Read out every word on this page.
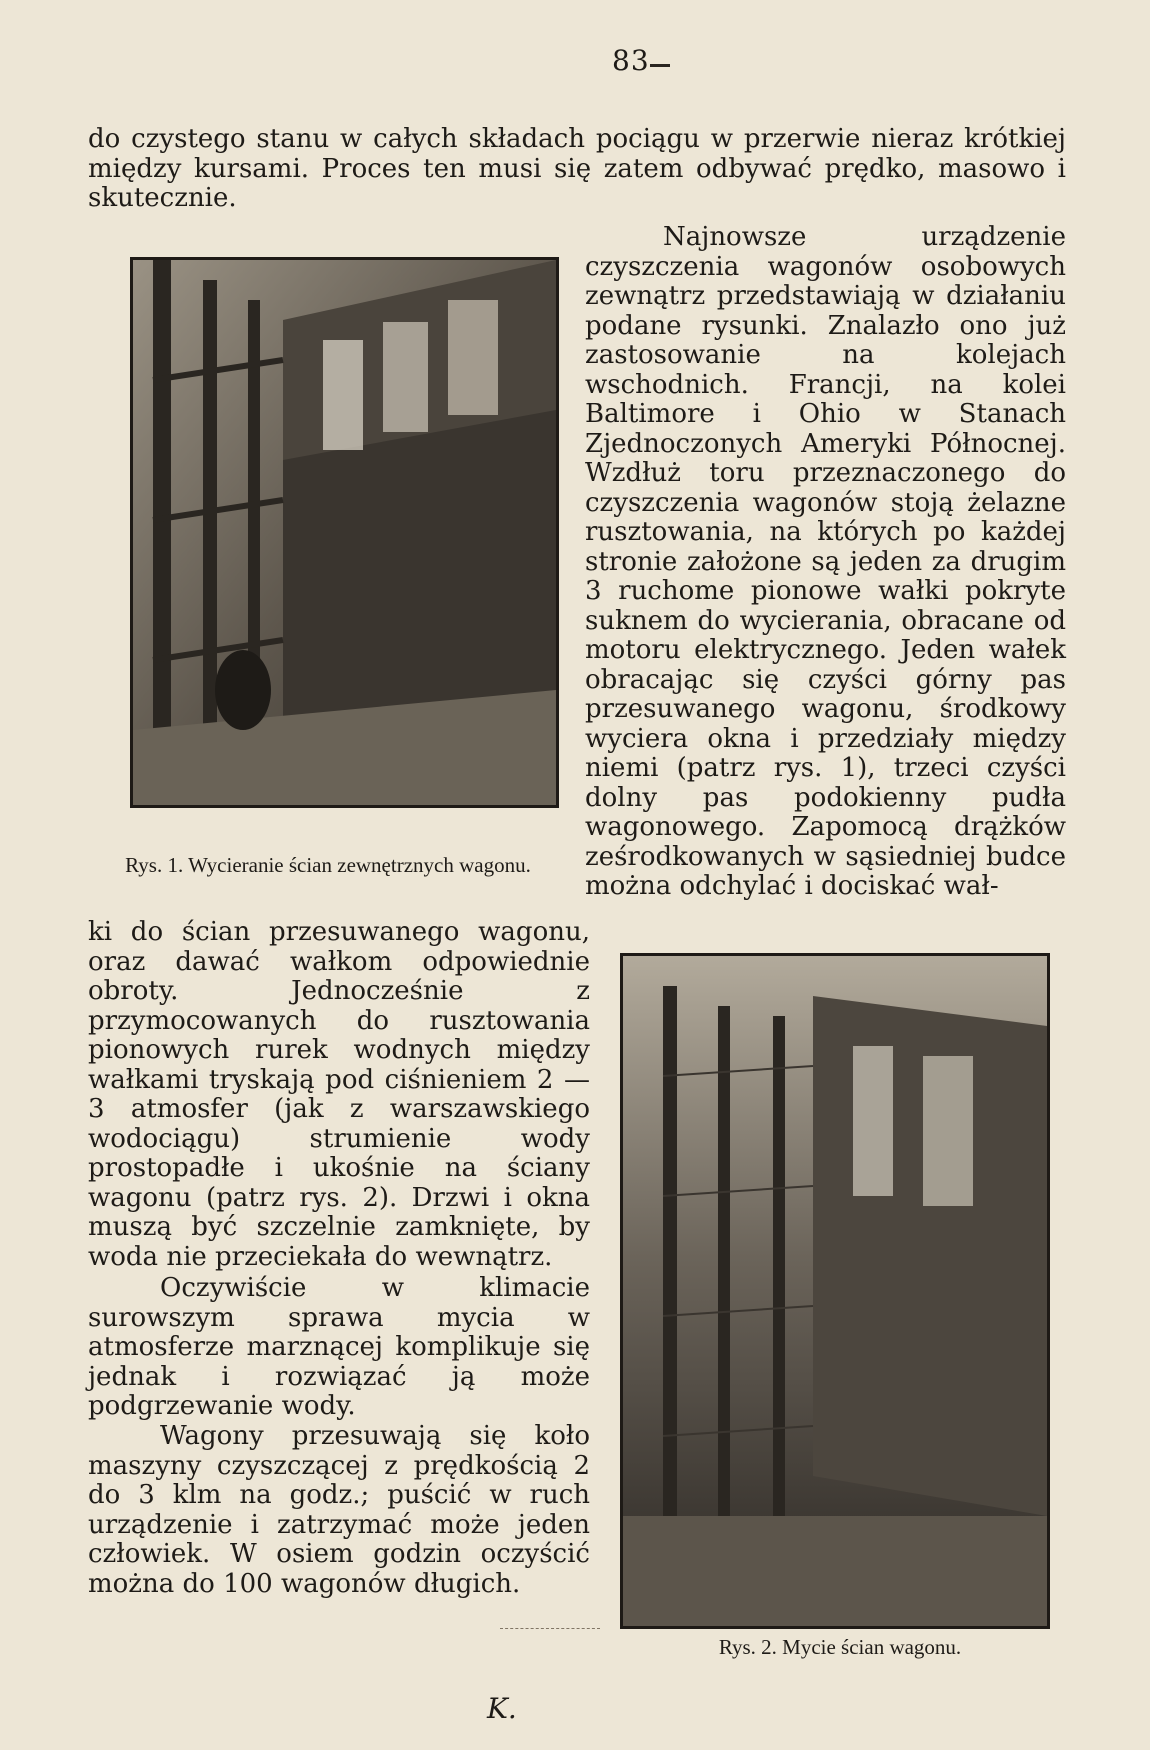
83

do czystego stanu w całych składach pociągu w przerwie nieraz krótkiej między kursami. Proces ten musi się zatem odbywać prędko, masowo i skutecznie.

Najnowsze urządzenie czyszczenia wagonów osobowych zewnątrz przedstawiają w działaniu podane rysunki. Znalazło ono już zastosowanie na kolejach wschodnich. Francji, na kolei Baltimore i Ohio w Stanach Zjednoczonych Ameryki Północnej. Wzdłuż toru przeznaczonego do czyszczenia wagonów stoją żelazne rusztowania, na których po każdej stronie założone są jeden za drugim 3 ruchome pionowe wałki pokryte suknem do wycierania, obracane od motoru elektrycznego. Jeden wałek obracając się czyści górny pas przesuwanego wagonu, środkowy wyciera okna i przedziały między niemi (patrz rys. 1), trzeci czyści dolny pas podokienny pudła wagonowego. Zapomocą drążków ześrodkowanych w sąsiedniej budce można odchylać i dociskać wał-

Rys. 1. Wycieranie ścian zewnętrznych wagonu.

ki do ścian przesuwanego wagonu, oraz dawać wałkom odpowiednie obroty. Jednocześnie z przymocowanych do rusztowania pionowych rurek wodnych między wałkami tryskają pod ciśnieniem 2 — 3 atmosfer (jak z warszawskiego wodociągu) strumienie wody prostopadłe i ukośnie na ściany wagonu (patrz rys. 2). Drzwi i okna muszą być szczelnie zamknięte, by woda nie przeciekała do wewnątrz.

Oczywiście w klimacie surowszym sprawa mycia w atmosferze marznącej komplikuje się jednak i rozwiązać ją może podgrzewanie wody.

Wagony przesuwają się koło maszyny czyszczącej z prędkością 2 do 3 klm na godz.; puścić w ruch urządzenie i zatrzymać może jeden człowiek. W osiem godzin oczyścić można do 100 wagonów długich.

Rys. 2. Mycie ścian wagonu.

K.
